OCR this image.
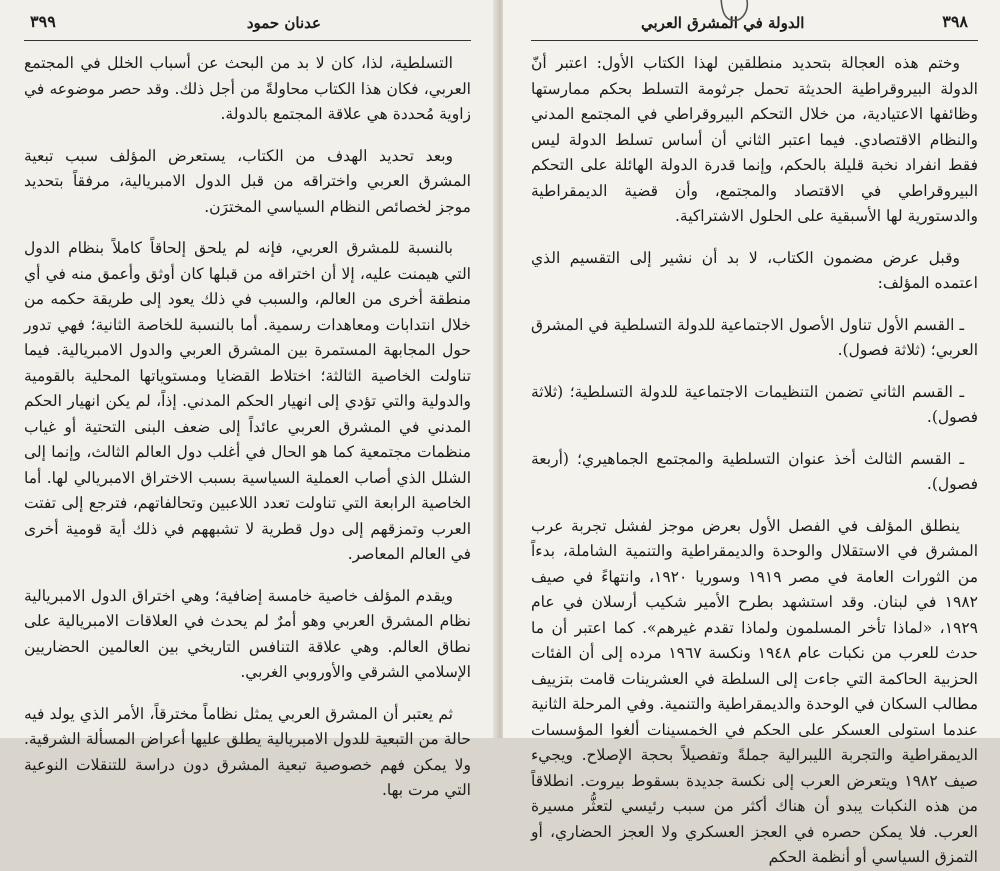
٣٩٩	عدنان حمود

التسلطية، لذا، كان لا بد من البحث عن أسباب الخلل في المجتمع العربي، فكان هذا الكتاب محاولةً من أجل ذلك. وقد حصر موضوعه في زاوية مُحددة هي علاقة المجتمع بالدولة.

وبعد تحديد الهدف من الكتاب، يستعرض المؤلف سبب تبعية المشرق العربي واختراقه من قبل الدول الامبريالية، مرفقاً بتحديد موجز لخصائص النظام السياسي المخترَن.

بالنسبة للمشرق العربي، فإنه لم يلحق إلحاقاً كاملاً بنظام الدول التي هيمنت عليه، إلا أن اختراقه من قبلها كان أوثق وأعمق منه في أي منطقة أخرى من العالم، والسبب في ذلك يعود إلى طريقة حكمه من خلال انتدابات ومعاهدات رسمية. أما بالنسبة للخاصة الثانية؛ فهي تدور حول المجابهة المستمرة بين المشرق العربي والدول الامبريالية. فيما تناولت الخاصية الثالثة؛ اختلاط القضايا ومستوياتها المحلية بالقومية والدولية والتي تؤدي إلى انهيار الحكم المدني. إذاً، لم يكن انهيار الحكم المدني في المشرق العربي عائداً إلى ضعف البنى التحتية أو غياب منظمات مجتمعية كما هو الحال في أغلب دول العالم الثالث، وإنما إلى الشلل الذي أصاب العملية السياسية بسبب الاختراق الامبريالي لها. أما الخاصية الرابعة التي تناولت تعدد اللاعبين وتحالفاتهم، فترجع إلى تفتت العرب وتمزقهم إلى دول قطرية لا تشبههم في ذلك أية قومية أخرى في العالم المعاصر.

ويقدم المؤلف خاصية خامسة إضافية؛ وهي اختراق الدول الامبريالية نظام المشرق العربي وهو أمرٌ لم يحدث في العلاقات الامبريالية على نطاق العالم. وهي علاقة التنافس التاريخي بين العالمين الحضاريين الإسلامي الشرقي والأوروبي الغربي.

ثم يعتبر أن المشرق العربي يمثل نظاماً مخترقاً، الأمر الذي يولد فيه حالة من التبعية للدول الامبريالية يطلق عليها أعراض المسألة الشرقية. ولا يمكن فهم خصوصية تبعية المشرق دون دراسة للتنقلات النوعية التي مرت بها.

٣٩٨
الدولة في المشرق العربي

وختم هذه العجالة بتحديد منطلقين لهذا الكتاب الأول: اعتبر أنّ الدولة البيروقراطية الحديثة تحمل جرثومة التسلط بحكم ممارستها وظائفها الاعتيادية، من خلال التحكم البيروقراطي في المجتمع المدني والنظام الاقتصادي. فيما اعتبر الثاني أن أساس تسلط الدولة ليس فقط انفراد نخبة قليلة بالحكم، وإنما قدرة الدولة الهائلة على التحكم البيروقراطي في الاقتصاد والمجتمع، وأن قضية الديمقراطية والدستورية لها الأسبقية على الحلول الاشتراكية.

وقبل عرض مضمون الكتاب، لا بد أن نشير إلى التقسيم الذي اعتمده المؤلف:

ـ القسم الأول تناول الأصول الاجتماعية للدولة التسلطية في المشرق العربي؛ (ثلاثة فصول).

ـ القسم الثاني تضمن التنظيمات الاجتماعية للدولة التسلطية؛ (ثلاثة فصول).

ـ القسم الثالث أخذ عنوان التسلطية والمجتمع الجماهيري؛ (أربعة فصول).

ينطلق المؤلف في الفصل الأول بعرض موجز لفشل تجربة عرب المشرق في الاستقلال والوحدة والديمقراطية والتنمية الشاملة، بدءاً من الثورات العامة في مصر ١٩١٩ وسوريا ١٩٢٠، وانتهاءً في صيف ١٩٨٢ في لبنان. وقد استشهد بطرح الأمير شكيب أرسلان في عام ١٩٢٩، «لماذا تأخر المسلمون ولماذا تقدم غيرهم». كما اعتبر أن ما حدث للعرب من نكبات عام ١٩٤٨ ونكسة ١٩٦٧ مرده إلى أن الفئات الحزبية الحاكمة التي جاءت إلى السلطة في العشرينات قامت بتزييف مطالب السكان في الوحدة والديمقراطية والتنمية. وفي المرحلة الثانية عندما استولى العسكر على الحكم في الخمسينات ألغوا المؤسسات الديمقراطية والتجربة الليبرالية جملةً وتفصيلاً بحجة الإصلاح. ويجيء صيف ١٩٨٢ ويتعرض العرب إلى نكسة جديدة بسقوط بيروت. انطلاقاً من هذه النكبات يبدو أن هناك أكثر من سبب رئيسي لتعثُّر مسيرة العرب. فلا يمكن حصره في العجز العسكري ولا العجز الحضاري، أو التمزق السياسي أو أنظمة الحكم
